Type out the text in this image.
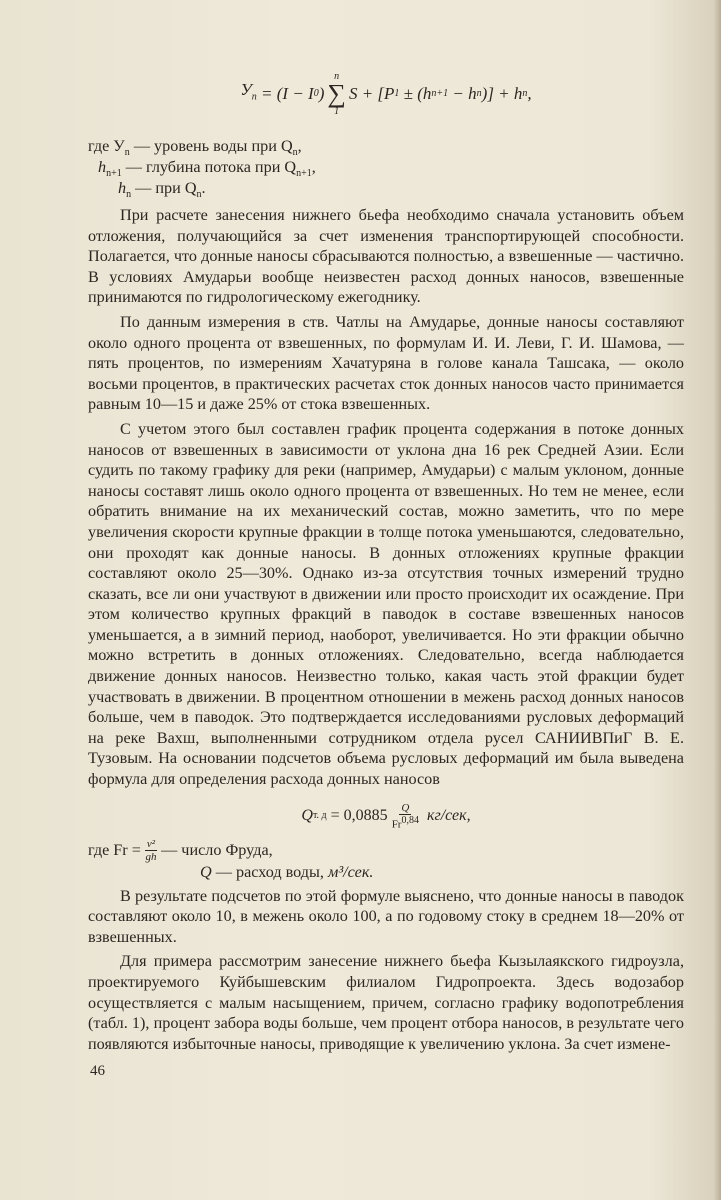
$У_n$
= (I − I 0 )
n
∑
1
S + [P 1
± (h n+1
− h n )] + h n ,
где $У_n$ — уровень воды при $Q_n$,
$h_{n+1}$ — глубина потока при $Q_{n+1}$,
$h_n$ — при $Q_n$.

При расчете занесения нижнего бьефа необходимо сначала установить объем отложения, получающийся за счет изменения транспортирующей способности. Полагается, что донные наносы сбрасываются полностью, а взвешенные — частично. В условиях Амударьи вообще неизвестен расход донных наносов, взвешенные принимаются по гидрологическому ежегоднику.

По данным измерения в ств. Чатлы на Амударье, донные наносы составляют около одного процента от взвешенных, по формулам И. И. Леви, Г. И. Шамова, — пять процентов, по измерениям Хачатуряна в голове канала Ташсака, — около восьми процентов, в практических расчетах сток донных наносов часто принимается равным 10—15 и даже 25% от стока взвешенных.

С учетом этого был составлен график процента содержания в потоке донных наносов от взвешенных в зависимости от уклона дна 16 рек Средней Азии. Если судить по такому графику для реки (например, Амударьи) с малым уклоном, донные наносы составят лишь около одного процента от взвешенных. Но тем не менее, если обратить внимание на их механический состав, можно заметить, что по мере увеличения скорости крупные фракции в толще потока уменьшаются, следовательно, они проходят как донные наносы. В донных отложениях крупные фракции составляют около 25—30%. Однако из-за отсутствия точных измерений трудно сказать, все ли они участвуют в движении или просто происходит их осаждение. При этом количество крупных фракций в паводок в составе взвешенных наносов уменьшается, а в зимний период, наоборот, увеличивается. Но эти фракции обычно можно встретить в донных отложениях. Следовательно, всегда наблюдается движение донных наносов. Неизвестно только, какая часть этой фракции будет участвовать в движении. В процентном отношении в межень расход донных наносов больше, чем в паводок. Это подтверждается исследованиями русловых деформаций на реке Вахш, выполненными сотрудником отдела русел САНИИВПиГ В. Е. Тузовым. На основании подсчетов объема русловых деформаций им была выведена формула для определения расхода донных наносов

Q т. д
= $0,0885 \frac{Q}{Fr^{0,84}}$
кг/сек,
где $Fr = \frac{\text{v²}}{gh}$ — число Фруда,
Q
— расход воды,
м³/сек.

В результате подсчетов по этой формуле выяснено, что донные наносы в паводок составляют около 10, в межень около 100, а по годовому стоку в среднем 18—20% от взвешенных.

Для примера рассмотрим занесение нижнего бьефа Кызылаякского гидроузла, проектируемого Куйбышевским филиалом Гидропроекта. Здесь водозабор осуществляется с малым насыщением, причем, согласно графику водопотребления (табл. 1), процент забора воды больше, чем процент отбора наносов, в результате чего появляются избыточные наносы, приводящие к увеличению уклона. За счет измене-

46
